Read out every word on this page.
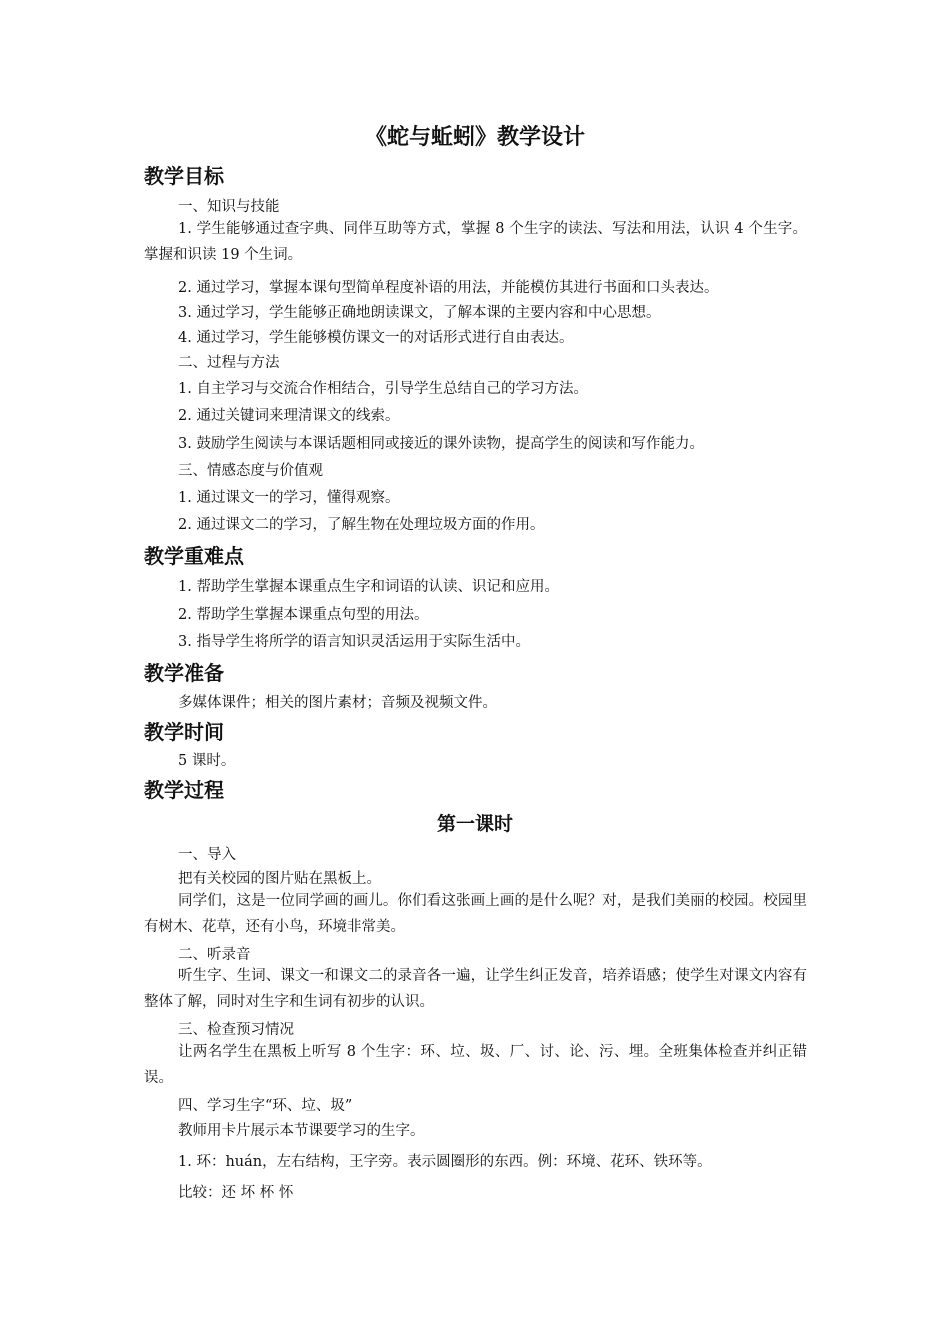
《蛇与蚯蚓》教学设计
教学目标
一、知识与技能
1. 学生能够通过查字典、同伴互助等方式，掌握 8 个生字的读法、写法和用法，认识 4 个生字。掌握和识读 19 个生词。
2. 通过学习，掌握本课句型简单程度补语的用法，并能模仿其进行书面和口头表达。
3. 通过学习，学生能够正确地朗读课文，了解本课的主要内容和中心思想。
4. 通过学习，学生能够模仿课文一的对话形式进行自由表达。
二、过程与方法
1. 自主学习与交流合作相结合，引导学生总结自己的学习方法。
2. 通过关键词来理清课文的线索。
3. 鼓励学生阅读与本课话题相同或接近的课外读物，提高学生的阅读和写作能力。
三、情感态度与价值观
1. 通过课文一的学习，懂得观察。
2. 通过课文二的学习，了解生物在处理垃圾方面的作用。
教学重难点
1. 帮助学生掌握本课重点生字和词语的认读、识记和应用。
2. 帮助学生掌握本课重点句型的用法。
3. 指导学生将所学的语言知识灵活运用于实际生活中。
教学准备
多媒体课件；相关的图片素材；音频及视频文件。
教学时间
5 课时。
教学过程
第一课时
一、导入
把有关校园的图片贴在黑板上。
同学们，这是一位同学画的画儿。你们看这张画上画的是什么呢？对，是我们美丽的校园。校园里有树木、花草，还有小鸟，环境非常美。
二、听录音
听生字、生词、课文一和课文二的录音各一遍，让学生纠正发音，培养语感；使学生对课文内容有整体了解，同时对生字和生词有初步的认识。
三、检查预习情况
让两名学生在黑板上听写 8 个生字：环、垃、圾、厂、讨、论、污、埋。全班集体检查并纠正错误。
四、学习生字“环、垃、圾”
教师用卡片展示本节课要学习的生字。
1. 环：huán，左右结构，王字旁。表示圆圈形的东西。例：环境、花环、铁环等。
比较：还 坏 杯 怀
